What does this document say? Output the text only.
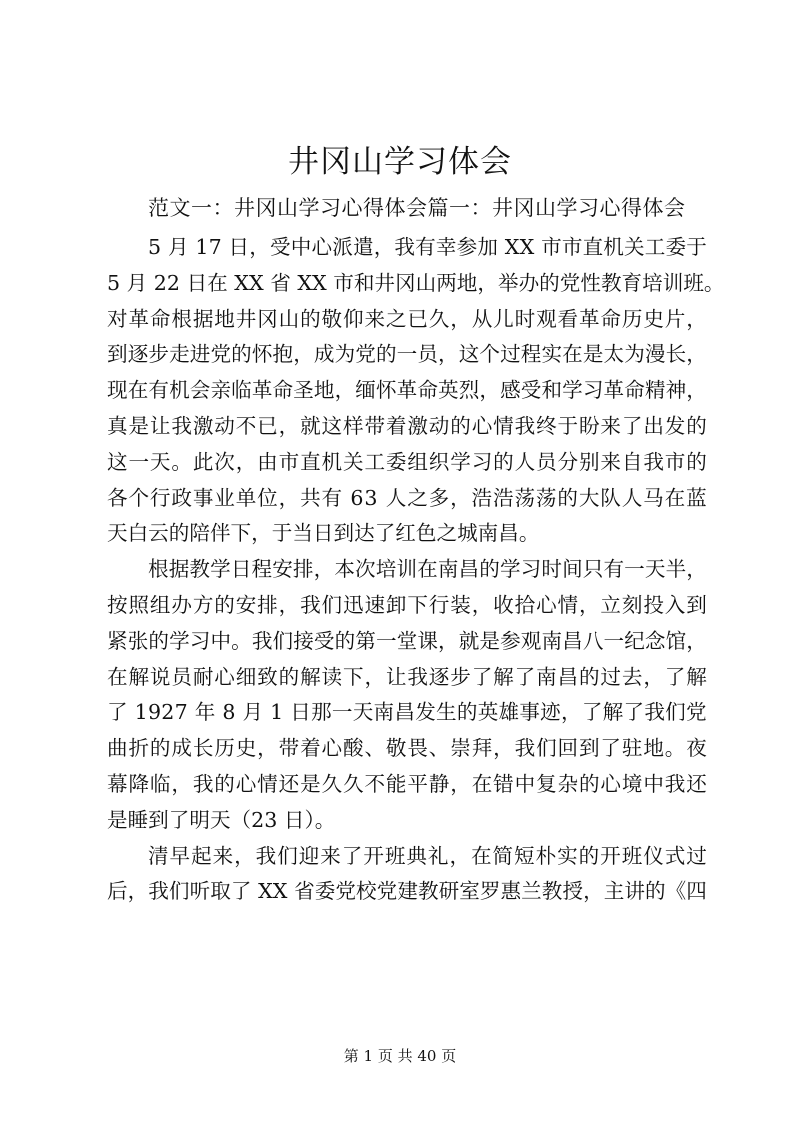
井冈山学习体会
范文一：井冈山学习心得体会篇一：井冈山学习心得体会
5
月
1 7
日 ， 受 中 心 派 遣 ， 我 有 幸 参 加
X X
市 市 直 机 关 工 委 于
5
月
2 2
日 在
X X
省
X X
市 和 井 冈 山 两 地 ， 举 办 的 党 性 教 育 培 训 班 。
对 革 命 根 据 地 井 冈 山 的 敬 仰 来 之 已 久 ， 从 儿 时 观 看 革 命 历 史 片 ，
到 逐 步 走 进 党 的 怀 抱 ， 成 为 党 的 一 员 ， 这 个 过 程 实 在 是 太 为 漫 长 ，
现 在 有 机 会 亲 临 革 命 圣 地 ， 缅 怀 革 命 英 烈 ， 感 受 和 学 习 革 命 精 神 ，
真 是 让 我 激 动 不 已 ， 就 这 样 带 着 激 动 的 心 情 我 终 于 盼 来 了 出 发 的
这 一 天 。 此 次 ， 由 市 直 机 关 工 委 组 织 学 习 的 人 员 分 别 来 自 我 市 的
各 个 行 政 事 业 单 位 ， 共 有
6 3
人 之 多 ， 浩 浩 荡 荡 的 大 队 人 马 在 蓝
天白云的陪伴下，于当日到达了红色之城南昌。
根 据 教 学 日 程 安 排 ， 本 次 培 训 在 南 昌 的 学 习 时 间 只 有 一 天 半 ，
按 照 组 办 方 的 安 排 ， 我 们 迅 速 卸 下 行 装 ， 收 拾 心 情 ， 立 刻 投 入 到
紧 张 的 学 习 中 。 我 们 接 受 的 第 一 堂 课 ， 就 是 参 观 南 昌 八 一 纪 念 馆 ，
在 解 说 员 耐 心 细 致 的 解 读 下 ， 让 我 逐 步 了 解 了 南 昌 的 过 去 ， 了 解
了
1 9 2 7
年
8
月
1
日 那 一 天 南 昌 发 生 的 英 雄 事 迹 ， 了 解 了 我 们 党
曲 折 的 成 长 历 史 ， 带 着 心 酸 、 敬 畏 、 崇 拜 ， 我 们 回 到 了 驻 地 。 夜
幕 降 临 ， 我 的 心 情 还 是 久 久 不 能 平 静 ， 在 错 中 复 杂 的 心 境 中 我 还
是睡到了明天（23 日）。
清 早 起 来 ， 我 们 迎 来 了 开 班 典 礼 ， 在 简 短 朴 实 的 开 班 仪 式 过
后 ， 我 们 听 取 了
X X
省 委 党 校 党 建 教 研 室 罗 惠 兰 教 授 ， 主 讲 的 《 四
第 1 页 共 40 页
